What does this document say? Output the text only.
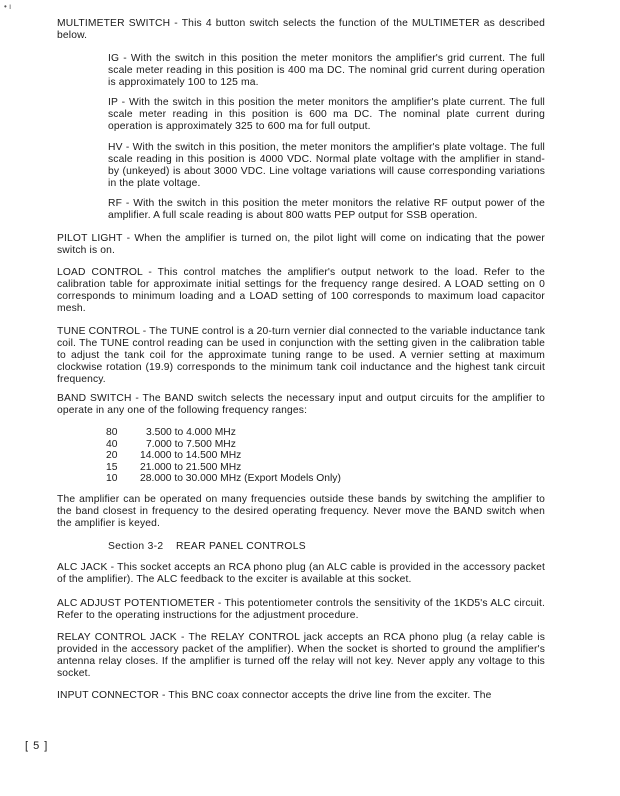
• ı
MULTIMETER SWITCH - This 4 button switch selects the function of the MULTIMETER as described below.
IG - With the switch in this position the meter monitors the amplifier's grid current. The full scale meter reading in this position is 400 ma DC. The nominal grid current during operation is approximately 100 to 125 ma.
IP - With the switch in this position the meter monitors the amplifier's plate current. The full scale meter reading in this position is 600 ma DC. The nominal plate current during operation is approximately 325 to 600 ma for full output.
HV - With the switch in this position, the meter monitors the amplifier's plate voltage. The full scale reading in this position is 4000 VDC. Normal plate voltage with the amplifier in stand-by (unkeyed) is about 3000 VDC. Line voltage variations will cause corresponding variations in the plate voltage.
RF - With the switch in this position the meter monitors the relative RF output power of the amplifier. A full scale reading is about 800 watts PEP output for SSB operation.
PILOT LIGHT - When the amplifier is turned on, the pilot light will come on indicating that the power switch is on.
LOAD CONTROL - This control matches the amplifier's output network to the load. Refer to the calibration table for approximate initial settings for the frequency range desired. A LOAD setting on 0 corresponds to minimum loading and a LOAD setting of 100 corresponds to maximum load capacitor mesh.
TUNE CONTROL - The TUNE control is a 20-turn vernier dial connected to the variable inductance tank coil. The TUNE control reading can be used in conjunction with the setting given in the calibration table to adjust the tank coil for the approximate tuning range to be used. A vernier setting at maximum clockwise rotation (19.9) corresponds to the minimum tank coil inductance and the highest tank circuit frequency.
BAND SWITCH - The BAND switch selects the necessary input and output circuits for the amplifier to operate in any one of the following frequency ranges:
80	3.500 to 4.000 MHz
40	7.000 to 7.500 MHz
20	14.000 to 14.500 MHz
15	21.000 to 21.500 MHz
10	28.000 to 30.000 MHz (Export Models Only)
The amplifier can be operated on many frequencies outside these bands by switching the amplifier to the band closest in frequency to the desired operating frequency. Never move the BAND switch when the amplifier is keyed.
Section 3-2    REAR PANEL CONTROLS
ALC JACK - This socket accepts an RCA phono plug (an ALC cable is provided in the accessory packet of the amplifier). The ALC feedback to the exciter is available at this socket.
ALC ADJUST POTENTIOMETER - This potentiometer controls the sensitivity of the 1KD5's ALC circuit. Refer to the operating instructions for the adjustment procedure.
RELAY CONTROL JACK - The RELAY CONTROL jack accepts an RCA phono plug (a relay cable is provided in the accessory packet of the amplifier). When the socket is shorted to ground the amplifier's antenna relay closes. If the amplifier is turned off the relay will not key. Never apply any voltage to this socket.
INPUT CONNECTOR - This BNC coax connector accepts the drive line from the exciter. The
[ 5 ]
